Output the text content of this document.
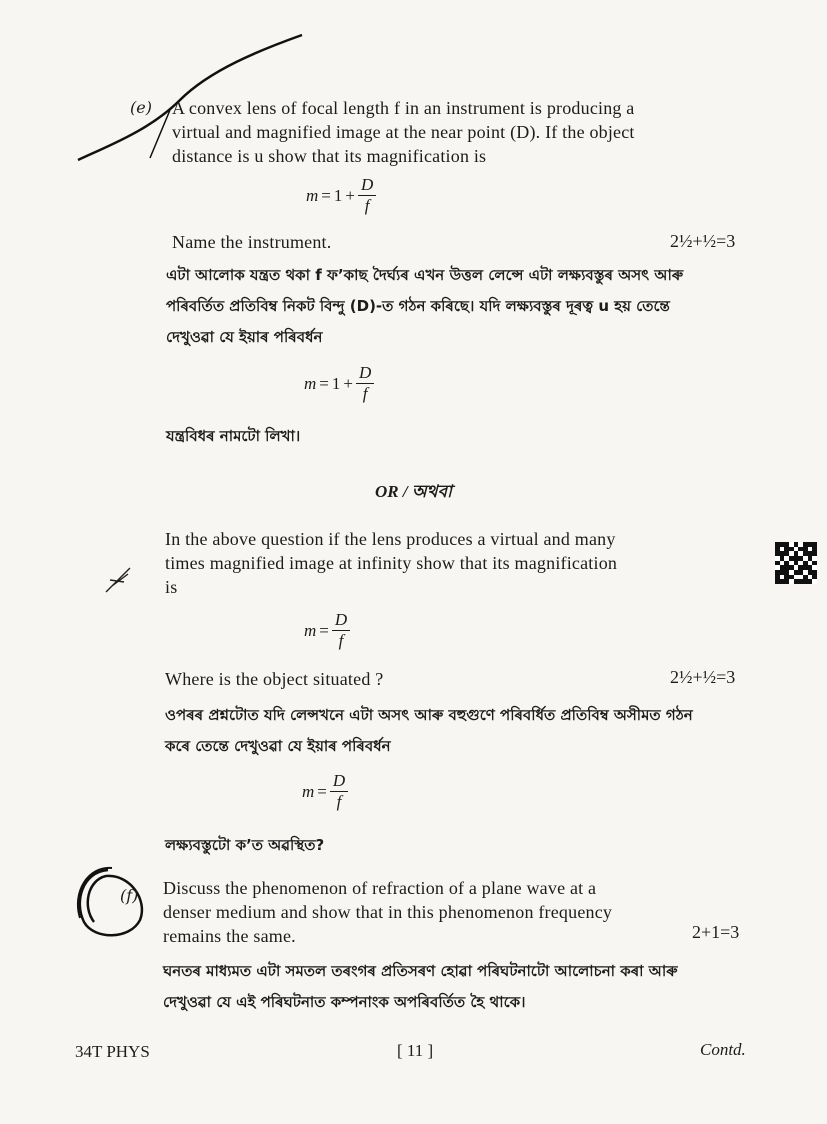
(e) A convex lens of focal length f in an instrument is producing a
virtual and magnified image at the near point (D). If the object
distance is u show that its magnification is
$m = 1 + \frac{D}{f}$
Name the instrument.	2½+½=3
এটা আলোক যন্ত্ৰত থকা f ফ’কাছ দৈৰ্ঘ্যৰ এখন উত্তল লেন্সে এটা লক্ষ্যবস্তুৰ অসৎ আৰু
পৰিবৰ্তিত প্ৰতিবিম্ব নিকট বিন্দু (D)-ত গঠন কৰিছে। যদি লক্ষ্যবস্তুৰ দূৰত্ব u হয় তেন্তে
দেখুওৱা যে ইয়াৰ পৰিবৰ্ধন
$m = 1 + \frac{D}{f}$
যন্ত্ৰবিধৰ নামটো লিখা।
OR / অথবা
In the above question if the lens produces a virtual and many
times magnified image at infinity show that its magnification
is
$m = \frac{D}{f}$
Where is the object situated ?	2½+½=3
ওপৰৰ প্ৰশ্নটোত যদি লেন্সখনে এটা অসৎ আৰু বহুগুণে পৰিবৰ্ধিত প্ৰতিবিম্ব অসীমত গঠন
কৰে তেন্তে দেখুওৱা যে ইয়াৰ পৰিবৰ্ধন
$m = \frac{D}{f}$
লক্ষ্যবস্তুটো ক’ত অৱস্থিত?
(f) Discuss the phenomenon of refraction of a plane wave at a
denser medium and show that in this phenomenon frequency
remains the same.	2+1=3
ঘনতৰ মাধ্যমত এটা সমতল তৰংগৰ প্ৰতিসৰণ হোৱা পৰিঘটনাটো আলোচনা কৰা আৰু
দেখুওৱা যে এই পৰিঘটনাত কম্পনাংক অপৰিবৰ্তিত হৈ থাকে।
34T PHYS	[ 11 ]	Contd.
